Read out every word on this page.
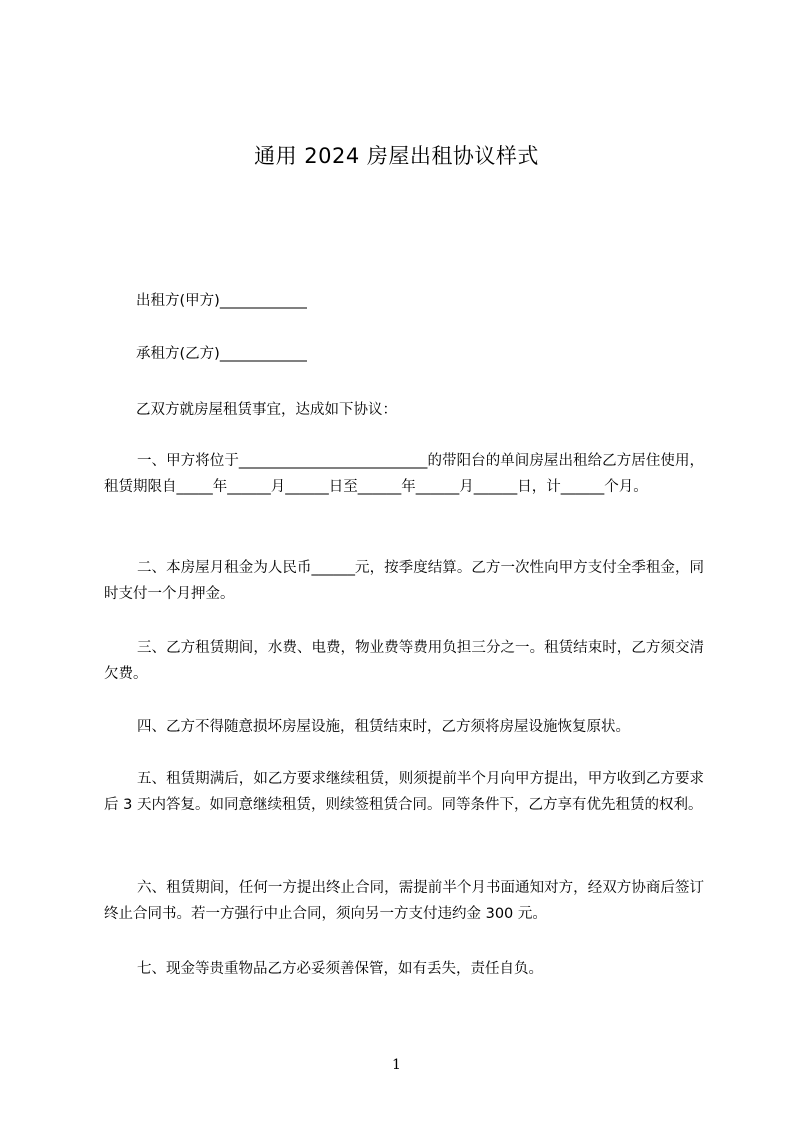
通用 2024 房屋出租协议样式
出租方(甲方)____________
承租方(乙方)____________
乙双方就房屋租赁事宜，达成如下协议：
一、甲方将位于__________________________的带阳台的单间房屋出租给乙方居住使用，租赁期限自_____年______月______日至______年______月______日，计______个月。
二、本房屋月租金为人民币______元，按季度结算。乙方一次性向甲方支付全季租金，同时支付一个月押金。
三、乙方租赁期间，水费、电费，物业费等费用负担三分之一。租赁结束时，乙方须交清欠费。
四、乙方不得随意损坏房屋设施，租赁结束时，乙方须将房屋设施恢复原状。
五、租赁期满后，如乙方要求继续租赁，则须提前半个月向甲方提出，甲方收到乙方要求后 3 天内答复。如同意继续租赁，则续签租赁合同。同等条件下，乙方享有优先租赁的权利。
六、租赁期间，任何一方提出终止合同，需提前半个月书面通知对方，经双方协商后签订终止合同书。若一方强行中止合同，须向另一方支付违约金 300 元。
七、现金等贵重物品乙方必妥须善保管，如有丢失，责任自负。
1
